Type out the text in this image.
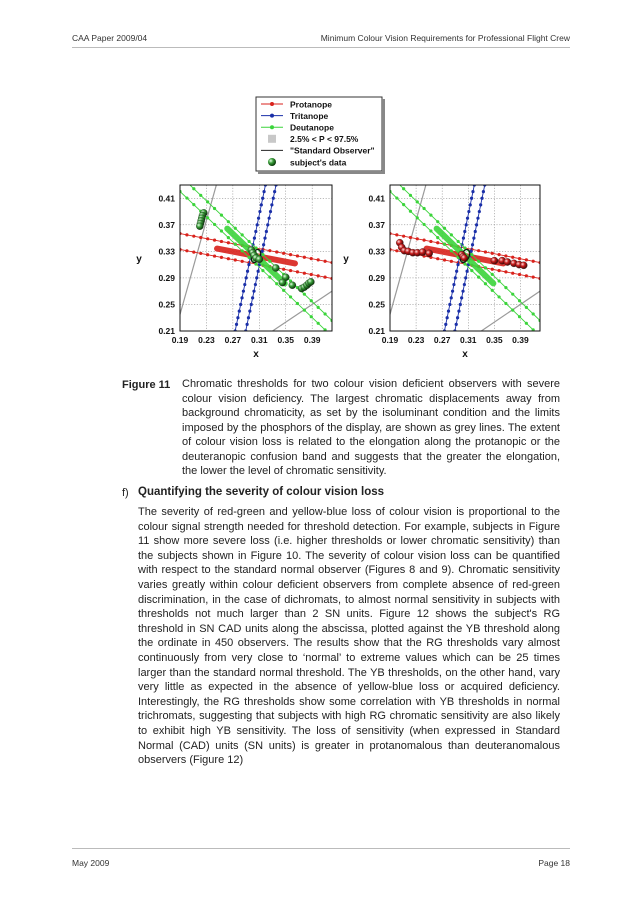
CAA Paper 2009/04	Minimum Colour Vision Requirements for Professional Flight Crew
Protanope
Tritanope
Deutanope
2.5% < P < 97.5%
"Standard Observer"
subject's data
0.19 0.23 0.27 0.31 0.35 0.39
0.21
0.25
0.29
0.33
0.37
0.41
x
y
0.19 0.23 0.27 0.31 0.35 0.39
0.21
0.25
0.29
0.33
0.37
0.41
x
y
Figure 11 Chromatic thresholds for two colour vision deficient observers with severe colour vision deficiency. The largest chromatic displacements away from background chromaticity, as set by the isoluminant condition and the limits imposed by the phosphors of the display, are shown as grey lines. The extent of colour vision loss is related to the elongation along the protanopic or the deuteranopic confusion band and suggests that the greater the elongation, the lower the level of chromatic sensitivity.
f) Quantifying the severity of colour vision loss
The severity of red-green and yellow-blue loss of colour vision is proportional to the colour signal strength needed for threshold detection. For example, subjects in Figure 11 show more severe loss (i.e. higher thresholds or lower chromatic sensitivity) than the subjects shown in Figure 10. The severity of colour vision loss can be quantified with respect to the standard normal observer (Figures 8 and 9). Chromatic sensitivity varies greatly within colour deficient observers from complete absence of red-green discrimination, in the case of dichromats, to almost normal sensitivity in subjects with thresholds not much larger than 2 SN units. Figure 12 shows the subject's RG threshold in SN CAD units along the abscissa, plotted against the YB threshold along the ordinate in 450 observers. The results show that the RG thresholds vary almost continuously from very close to ‘normal’ to extreme values which can be 25 times larger than the standard normal threshold. The YB thresholds, on the other hand, vary very little as expected in the absence of yellow-blue loss or acquired deficiency. Interestingly, the RG thresholds show some correlation with YB thresholds in normal trichromats, suggesting that subjects with high RG chromatic sensitivity are also likely to exhibit high YB sensitivity. The loss of sensitivity (when expressed in Standard Normal (CAD) units (SN units) is greater in protanomalous than deuteranomalous observers (Figure 12)
May 2009	Page 18
